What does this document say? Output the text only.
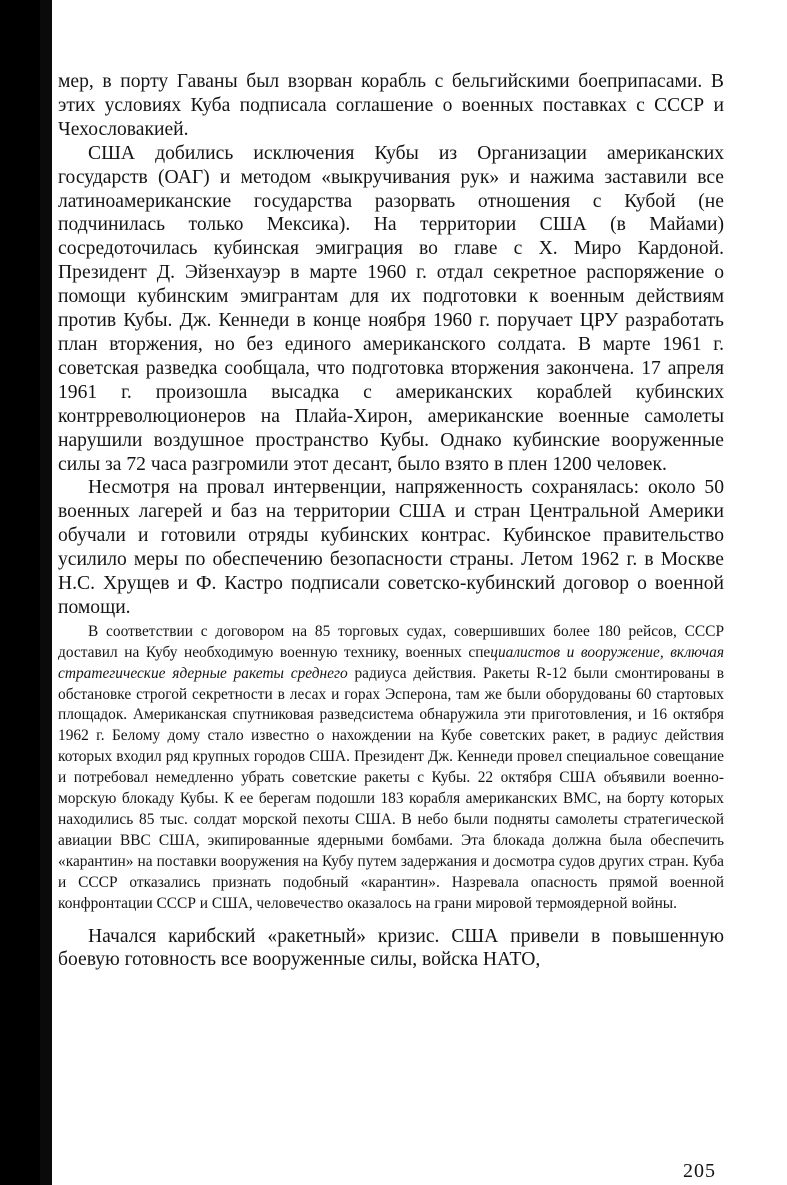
мер, в порту Гаваны был взорван корабль с бельгийскими боеприпасами. В этих условиях Куба подписала соглашение о военных поставках с СССР и Чехословакией.

США добились исключения Кубы из Организации американских государств (ОАГ) и методом «выкручивания рук» и нажима заставили все латиноамериканские государства разорвать отношения с Кубой (не подчинилась только Мексика). На территории США (в Майами) сосредоточилась кубинская эмиграция во главе с Х. Миро Кардоной. Президент Д. Эйзенхауэр в марте 1960 г. отдал секретное распоряжение о помощи кубинским эмигрантам для их подготовки к военным действиям против Кубы. Дж. Кеннеди в конце ноября 1960 г. поручает ЦРУ разработать план вторжения, но без единого американского солдата. В марте 1961 г. советская разведка сообщала, что подготовка вторжения закончена. 17 апреля 1961 г. произошла высадка с американских кораблей кубинских контрреволюционеров на Плайа-Хирон, американские военные самолеты нарушили воздушное пространство Кубы. Однако кубинские вооруженные силы за 72 часа разгромили этот десант, было взято в плен 1200 человек.

Несмотря на провал интервенции, напряженность сохранялась: около 50 военных лагерей и баз на территории США и стран Центральной Америки обучали и готовили отряды кубинских контрас. Кубинское правительство усилило меры по обеспечению безопасности страны. Летом 1962 г. в Москве Н.С. Хрущев и Ф. Кастро подписали советско-кубинский договор о военной помощи.

В соответствии с договором на 85 торговых судах, совершивших более 180 рейсов, СССР доставил на Кубу необходимую военную технику, военных специалистов и вооружение, включая стратегические ядерные ракеты среднего радиуса действия. Ракеты R-12 были смонтированы в обстановке строгой секретности в лесах и горах Эсперона, там же были оборудованы 60 стартовых площадок. Американская спутниковая разведсистема обнаружила эти приготовления, и 16 октября 1962 г. Белому дому стало известно о нахождении на Кубе советских ракет, в радиус действия которых входил ряд крупных городов США. Президент Дж. Кеннеди провел специальное совещание и потребовал немедленно убрать советские ракеты с Кубы. 22 октября США объявили военно-морскую блокаду Кубы. К ее берегам подошли 183 корабля американских ВМС, на борту которых находились 85 тыс. солдат морской пехоты США. В небо были подняты самолеты стратегической авиации ВВС США, экипированные ядерными бомбами. Эта блокада должна была обеспечить «карантин» на поставки вооружения на Кубу путем задержания и досмотра судов других стран. Куба и СССР отказались признать подобный «карантин». Назревала опасность прямой военной конфронтации СССР и США, человечество оказалось на грани мировой термоядерной войны.

Начался карибский «ракетный» кризис. США привели в повышенную боевую готовность все вооруженные силы, войска НАТО,

205
